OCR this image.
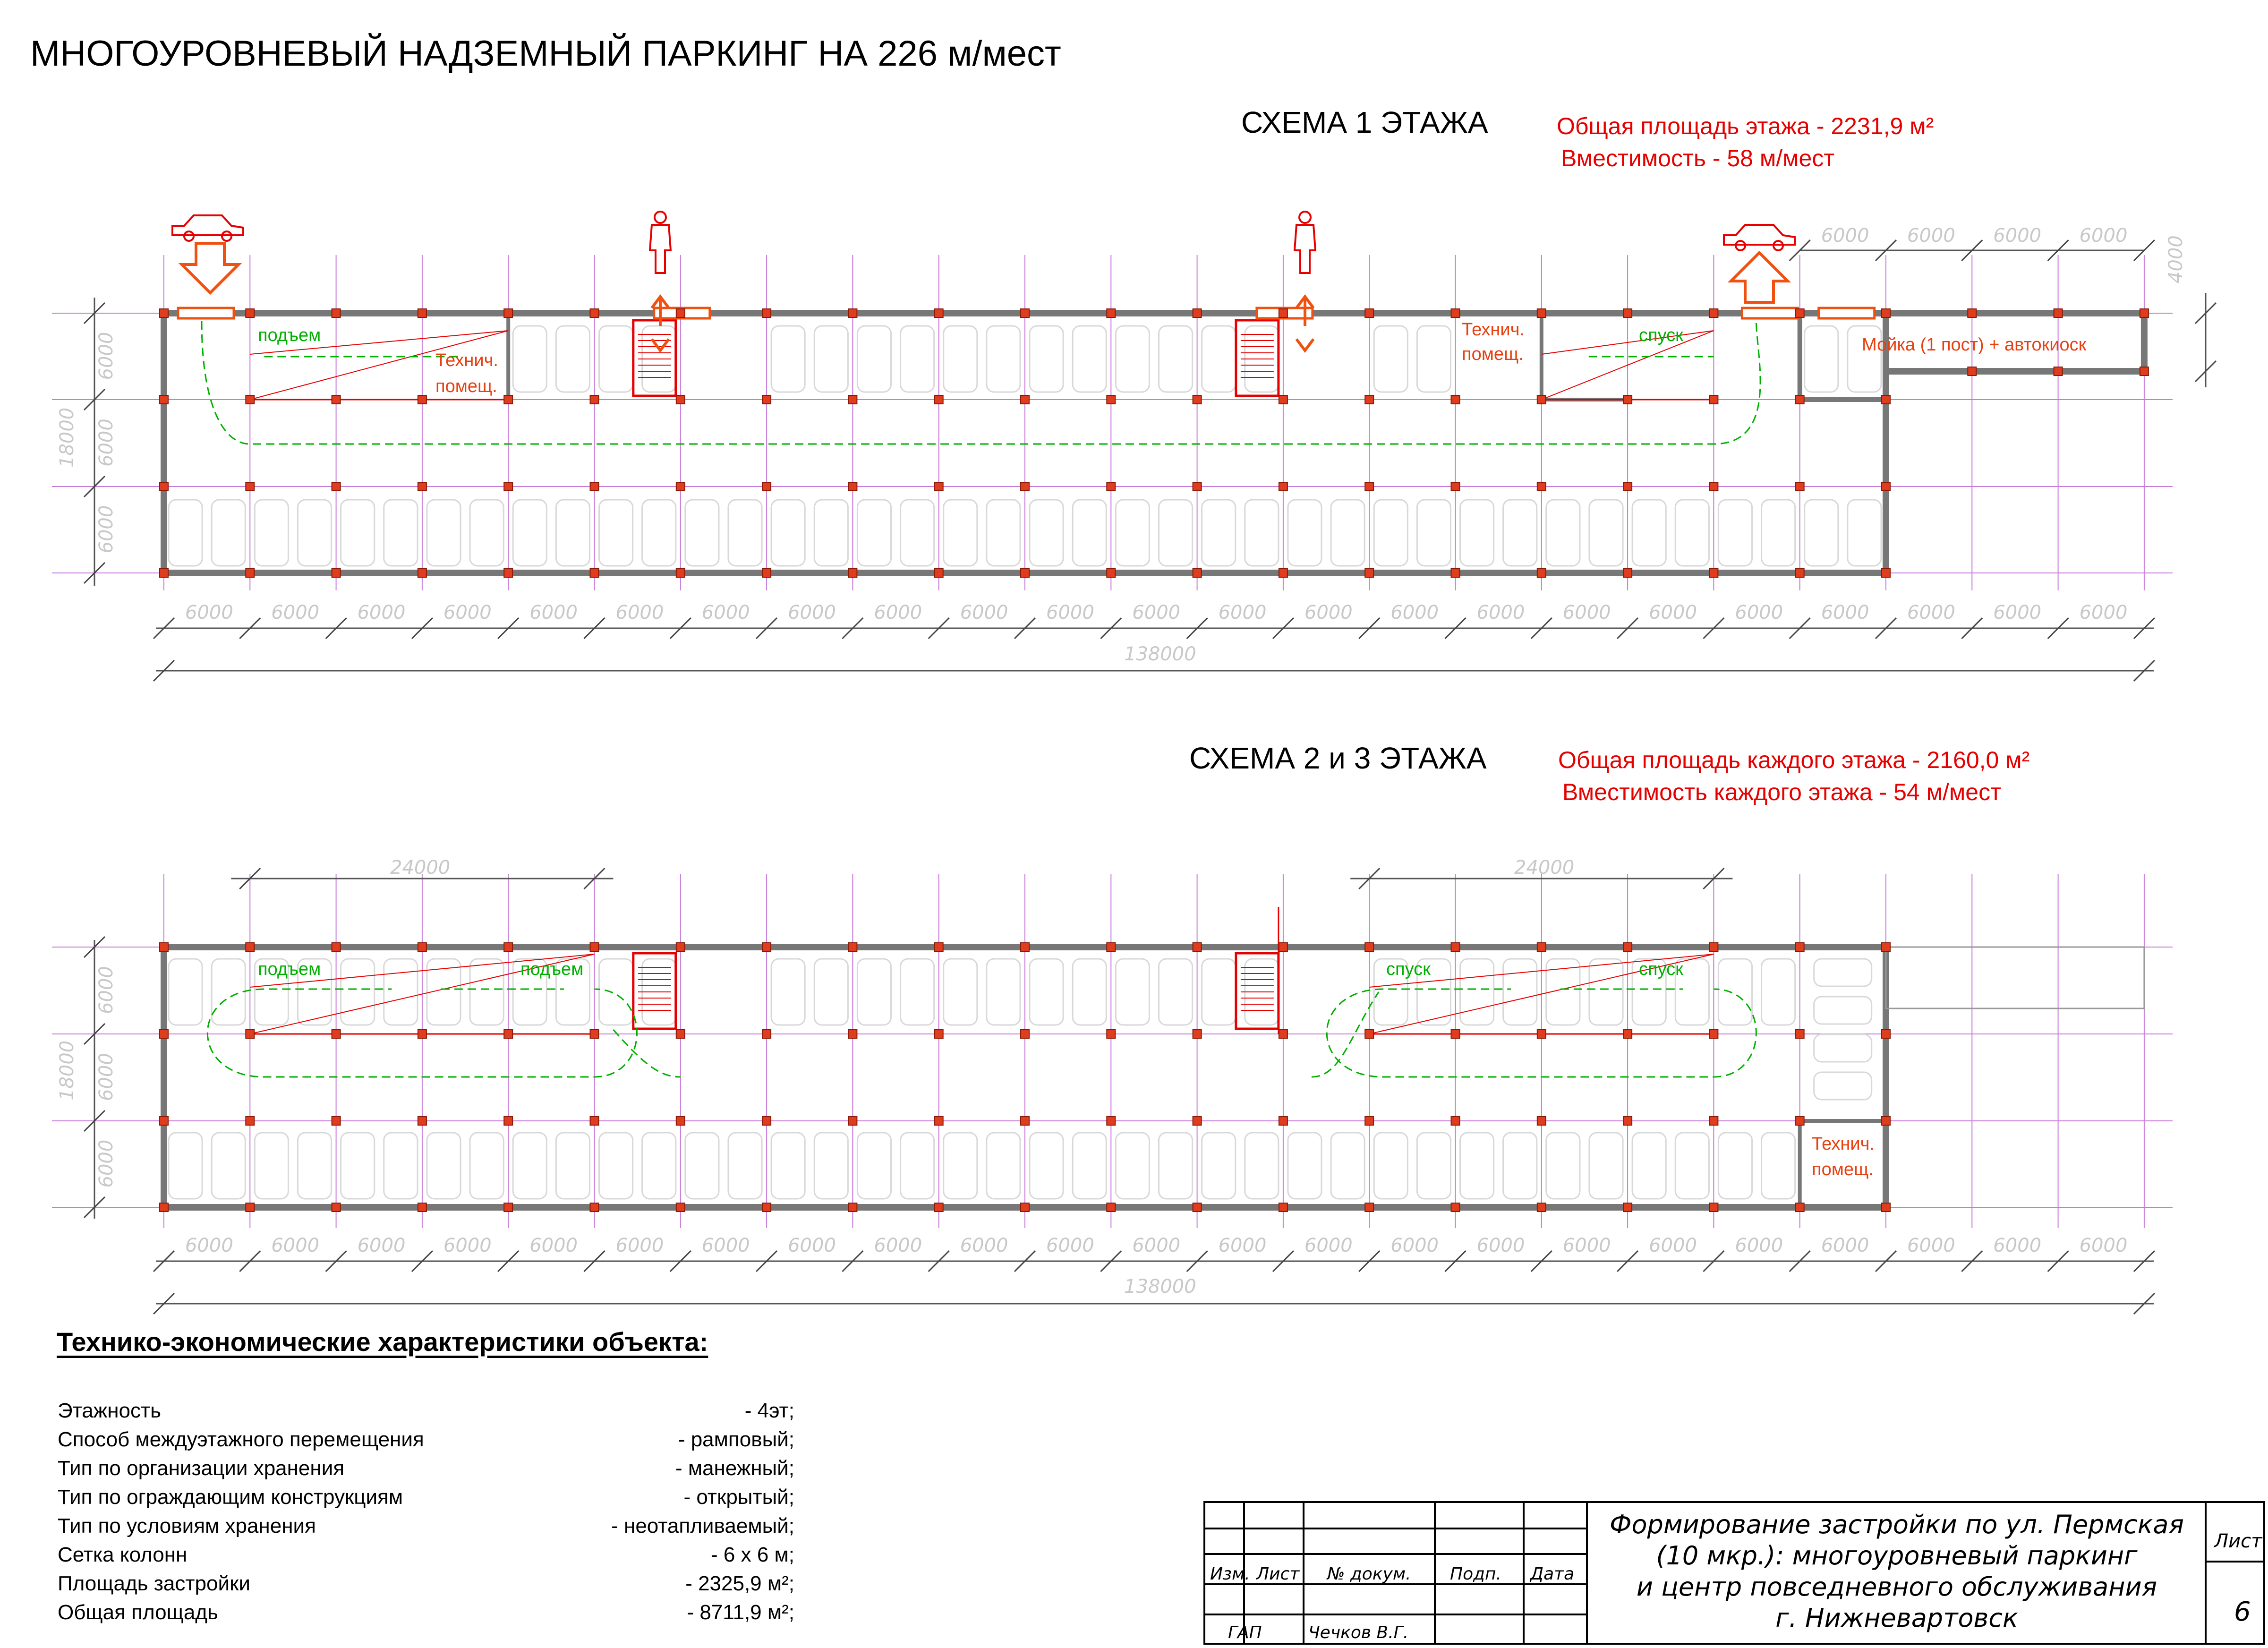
МНОГОУРОВНЕВЫЙ НАДЗЕМНЫЙ ПАРКИНГ НА 226 м/мест
СХЕМА 1 ЭТАЖА	Общая площадь этажа - 2231,9 м²
Вместимость - 58 м/мест
СХЕМА 2 и 3 ЭТАЖА	Общая площадь каждого этажа - 2160,0 м²
Вместимость каждого этажа - 54 м/мест
6000 6000 6000 6000 6000 6000 6000 6000 6000 6000 6000 6000 6000 6000 6000 6000 6000 6000 6000 6000 6000 6000 6000
6000 6000 6000 6000
6000
6000
6000
подъем
Технич.
помещ.
Технич.
помещ.
спуск	Мойка (1 пост) + автокиоск
138000
4000
18000
6000 6000 6000 6000 6000 6000 6000 6000 6000 6000 6000 6000 6000 6000 6000 6000 6000 6000 6000 6000 6000 6000 6000
6000
6000
6000
подъем	подъем	спуск	спуск
Технич.
помещ.
24000	24000
138000
18000
Технико-экономические характеристики объекта:
Этажность	- 4эт;
Способ междуэтажного перемещения	- рамповый;
Тип по организации хранения	- манежный;
Тип по ограждающим конструкциям	- открытый;
Тип по условиям хранения	- неотапливаемый;
Сетка колонн	- 6 х 6 м;
Площадь застройки	- 2325,9 м²;
Общая площадь	- 8711,9 м²;
Изм. Лист № докум. Подп. Дата
ГАП	Чечков В.Г.
Формирование застройки по ул. Пермская
(10 мкр.): многоуровневый паркинг
и центр повседневного обслуживания
г. Нижневартовск
Лист
6
